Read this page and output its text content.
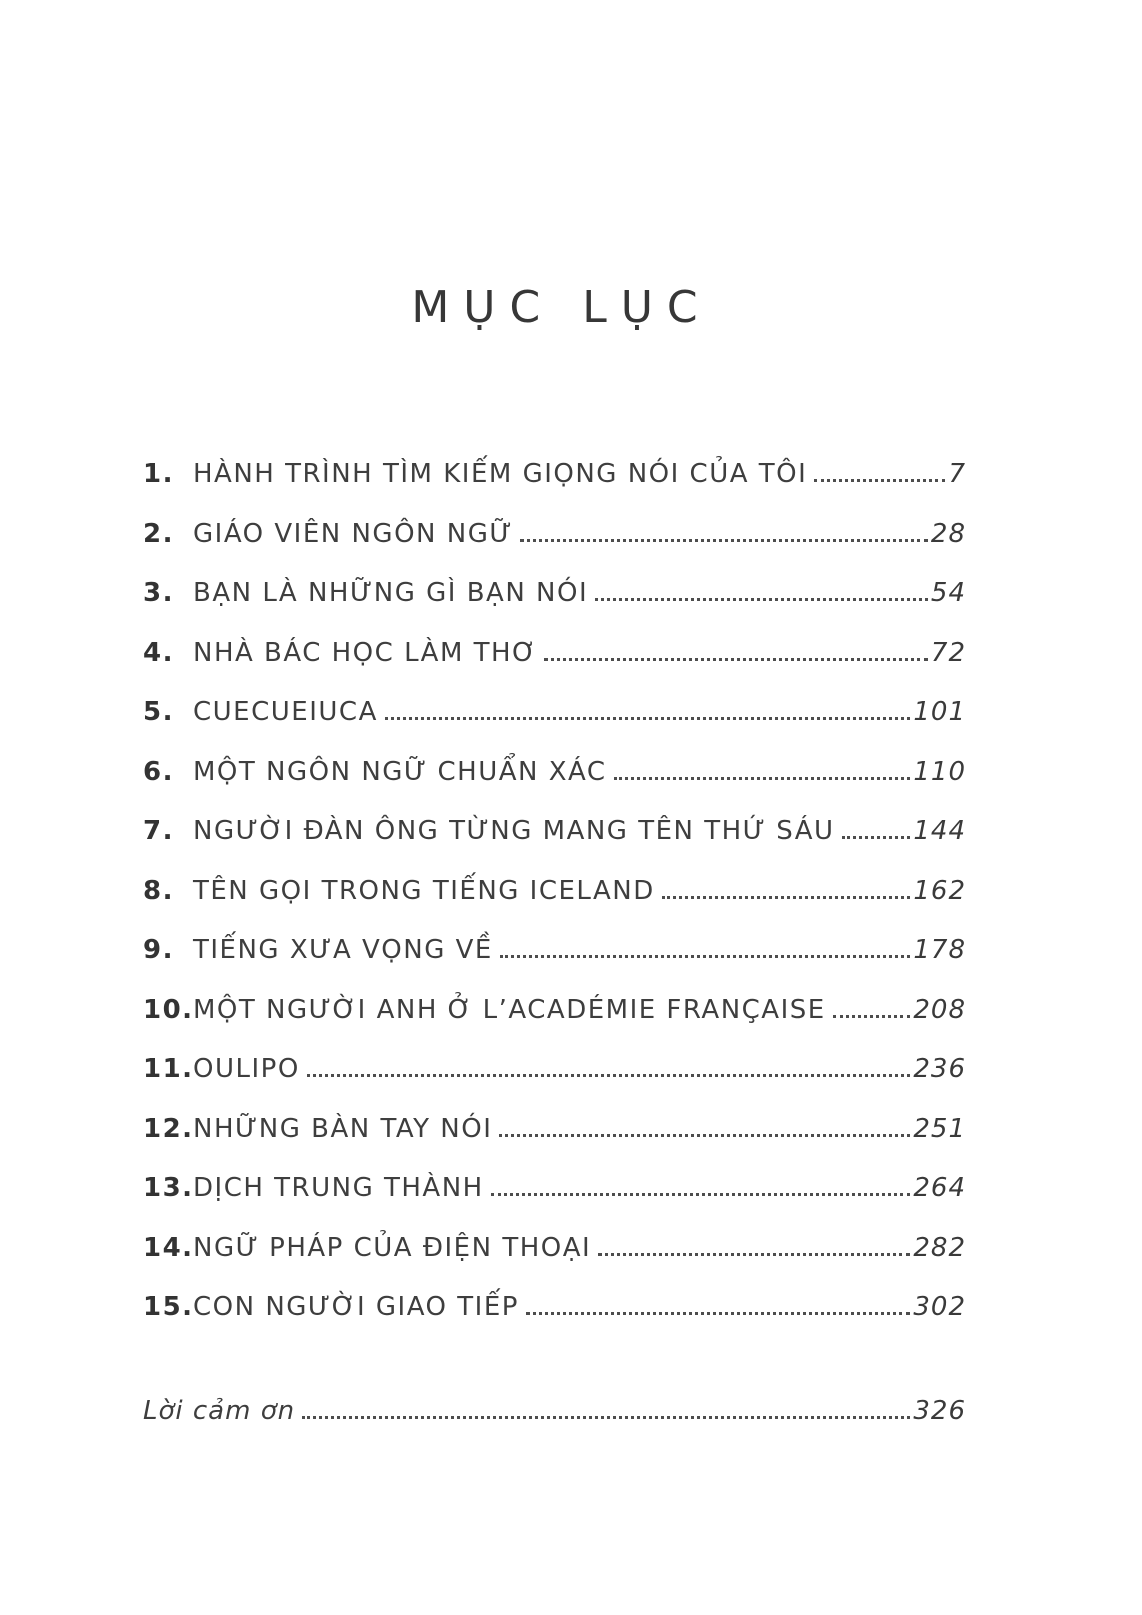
MỤC LỤC
1. HÀNH TRÌNH TÌM KIẾM GIỌNG NÓI CỦA TÔI	7
2. GIÁO VIÊN NGÔN NGỮ	28
3. BẠN LÀ NHỮNG GÌ BẠN NÓI	54
4. NHÀ BÁC HỌC LÀM THƠ	72
5. CUECUEIUCA	101
6. MỘT NGÔN NGỮ CHUẨN XÁC	110
7. NGƯỜI ĐÀN ÔNG TỪNG MANG TÊN THỨ SÁU	144
8. TÊN GỌI TRONG TIẾNG ICELAND	162
9. TIẾNG XƯA VỌNG VỀ	178
10. MỘT NGƯỜI ANH Ở L’ACADÉMIE FRANÇAISE	208
11. OULIPO	236
12. NHỮNG BÀN TAY NÓI	251
13. DỊCH TRUNG THÀNH	264
14. NGỮ PHÁP CỦA ĐIỆN THOẠI	282
15. CON NGƯỜI GIAO TIẾP	302
Lời cảm ơn	326
